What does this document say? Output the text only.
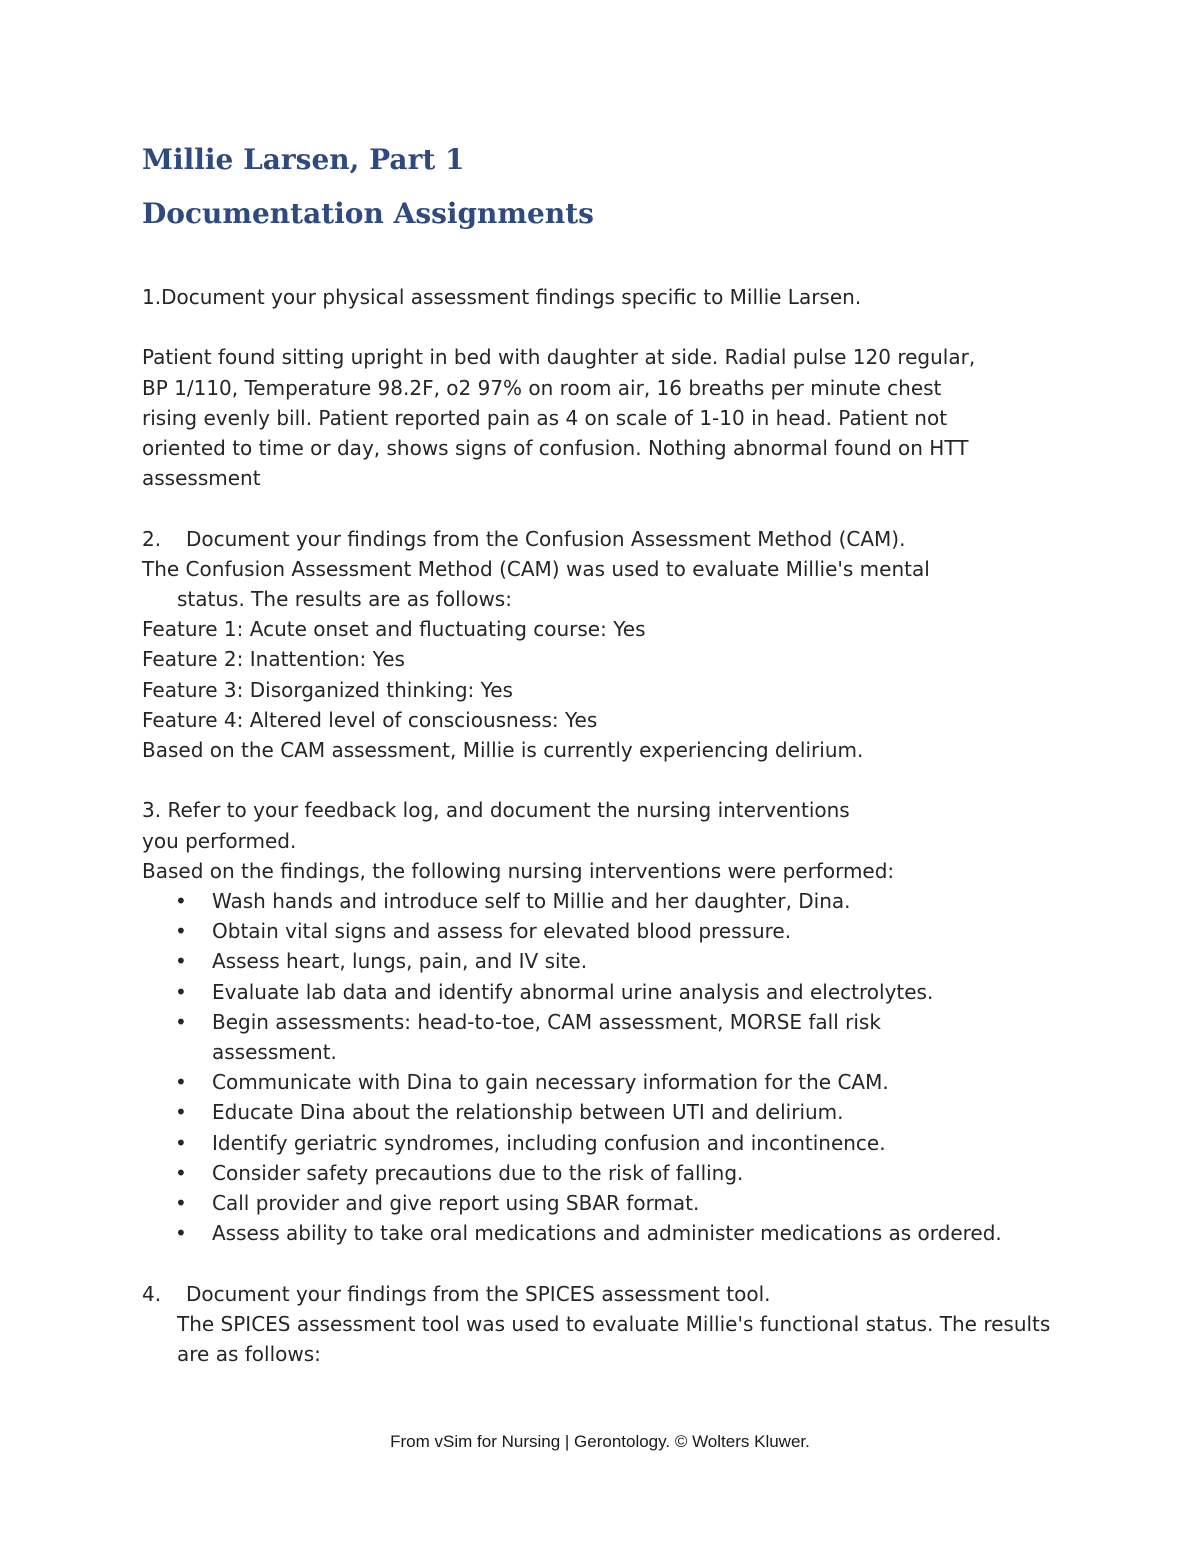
Millie Larsen, Part 1
Documentation Assignments

1.Document your physical assessment findings specific to Millie Larsen.

Patient found sitting upright in bed with daughter at side. Radial pulse 120 regular,

BP 1/110, Temperature 98.2F, o2 97% on room air, 16 breaths per minute chest

rising evenly bill. Patient reported pain as 4 on scale of 1-10 in head. Patient not

oriented to time or day, shows signs of confusion. Nothing abnormal found on HTT

assessment

2. Document your findings from the Confusion Assessment Method (CAM).

The Confusion Assessment Method (CAM) was used to evaluate Millie's mental

status. The results are as follows:

Feature 1: Acute onset and fluctuating course: Yes

Feature 2: Inattention: Yes

Feature 3: Disorganized thinking: Yes

Feature 4: Altered level of consciousness: Yes

Based on the CAM assessment, Millie is currently experiencing delirium.

3. Refer to your feedback log, and document the nursing interventions

you performed.

Based on the findings, the following nursing interventions were performed:

• Wash hands and introduce self to Millie and her daughter, Dina.
• Obtain vital signs and assess for elevated blood pressure.
• Assess heart, lungs, pain, and IV site.
• Evaluate lab data and identify abnormal urine analysis and electrolytes.
• Begin assessments: head-to-toe, CAM assessment, MORSE fall risk assessment.
• Communicate with Dina to gain necessary information for the CAM.
• Educate Dina about the relationship between UTI and delirium.
• Identify geriatric syndromes, including confusion and incontinence.
• Consider safety precautions due to the risk of falling.
• Call provider and give report using SBAR format.
• Assess ability to take oral medications and administer medications as ordered.

4. Document your findings from the SPICES assessment tool.

The SPICES assessment tool was used to evaluate Millie's functional status. The results are as follows:

From vSim for Nursing | Gerontology. © Wolters Kluwer.
